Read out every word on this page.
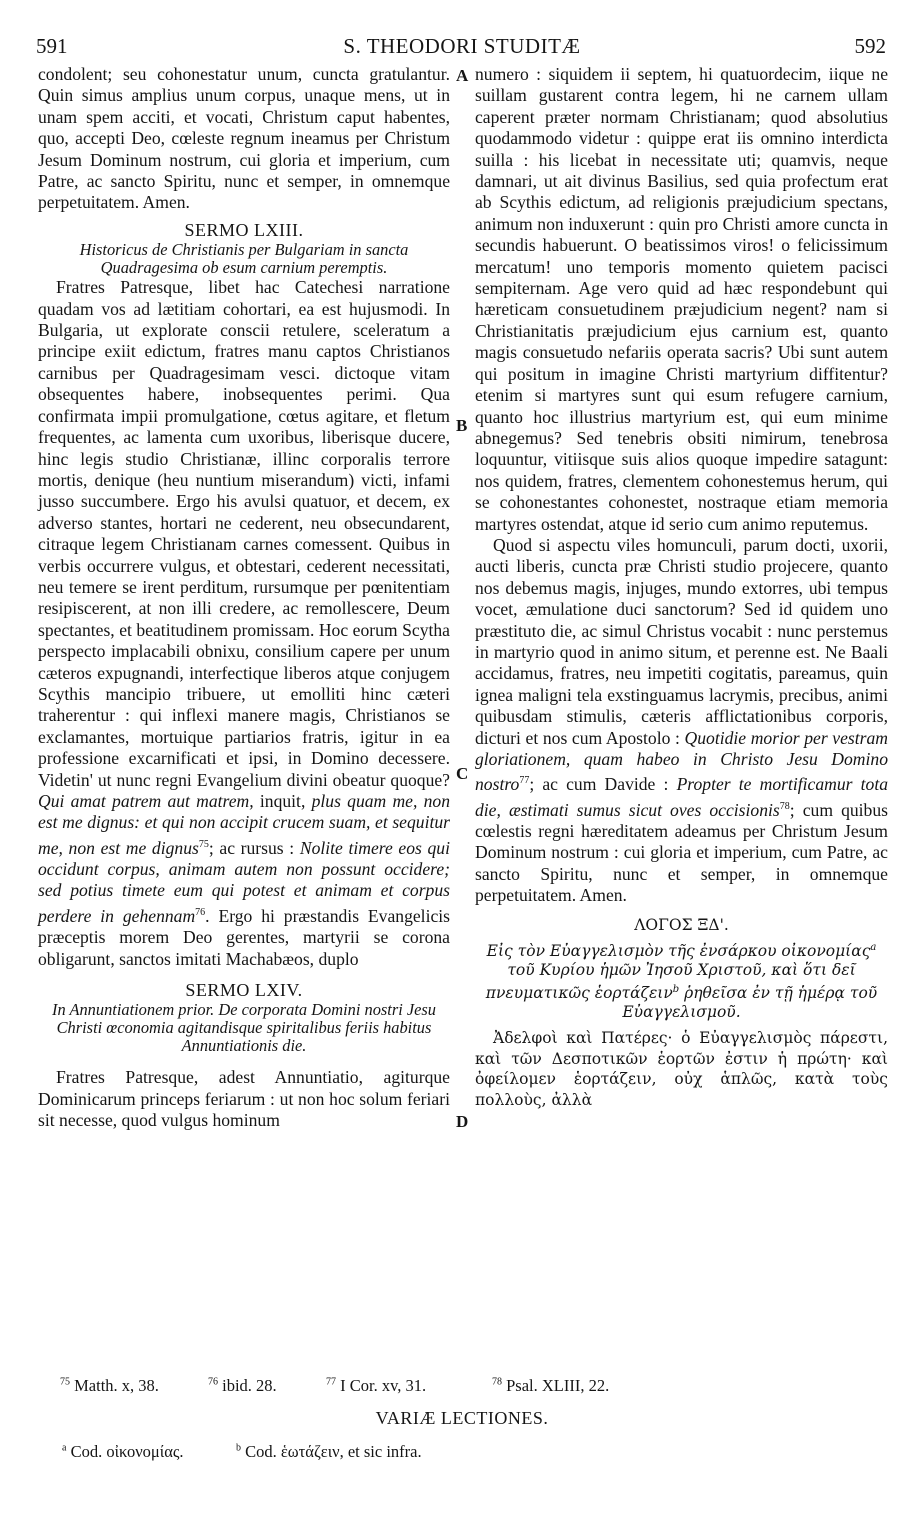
591	S. THEODORI STUDITÆ	592
A
B
C
D

condolent; seu cohonestatur unum, cuncta gratulantur. Quin simus amplius unum corpus, unaque mens, ut in unam spem acciti, et vocati, Christum caput habentes, quo, accepti Deo, cœleste regnum ineamus per Christum Jesum Dominum nostrum, cui gloria et imperium, cum Patre, ac sancto Spiritu, nunc et semper, in omnemque perpetuitatem. Amen.

SERMO LXIII.

Historicus de Christianis per Bulgariam in sancta Quadragesima ob esum carnium peremptis.

Fratres Patresque, libet hac Catechesi narratione quadam vos ad lætitiam cohortari, ea est hujusmodi. In Bulgaria, ut explorate conscii retulere, sceleratum a principe exiit edictum, fratres manu captos Christianos carnibus per Quadragesimam vesci. dictoque vitam obsequentes habere, inobsequentes perimi. Qua confirmata impii promulgatione, cœtus agitare, et fletum frequentes, ac lamenta cum uxoribus, liberisque ducere, hinc legis studio Christianæ, illinc corporalis terrore mortis, denique (heu nuntium miserandum) victi, infami jusso succumbere. Ergo his avulsi quatuor, et decem, ex adverso stantes, hortari ne cederent, neu obsecundarent, citraque legem Christianam carnes comessent. Quibus in verbis occurrere vulgus, et obtestari, cederent necessitati, neu temere se irent perditum, rursumque per pœnitentiam resipiscerent, at non illi credere, ac remollescere, Deum spectantes, et beatitudinem promissam. Hoc eorum Scytha perspecto implacabili obnixu, consilium capere per unum cæteros expugnandi, interfectique liberos atque conjugem Scythis mancipio tribuere, ut emolliti hinc cæteri traherentur : qui inflexi manere magis, Christianos se exclamantes, mortuique partiarios fratris, igitur in ea professione excarnificati et ipsi, in Domino decessere. Videtin' ut nunc regni Evangelium divini obeatur quoque? Qui amat patrem aut matrem, inquit, plus quam me, non est me dignus: et qui non accipit crucem suam, et sequitur me, non est me dignus$^{75}$; ac rursus : Nolite timere eos qui occidunt corpus, animam autem non possunt occidere; sed potius timete eum qui potest et animam et corpus perdere in gehennam$^{76}$. Ergo hi præstandis Evangelicis præceptis morem Deo gerentes, martyrii se corona obligarunt, sanctos imitati Machabæos, duplo

SERMO LXIV.

In Annuntiationem prior. De corporata Domini nostri Jesu Christi œconomia agitandisque spiritalibus feriis habitus Annuntiationis die.

Fratres Patresque, adest Annuntiatio, agiturque Dominicarum princeps feriarum : ut non hoc solum feriari sit necesse, quod vulgus hominum

numero : siquidem ii septem, hi quatuordecim, iique ne suillam gustarent contra legem, hi ne carnem ullam caperent præter normam Christianam; quod absolutius quodammodo videtur : quippe erat iis omnino interdicta suilla : his licebat in necessitate uti; quamvis, neque damnari, ut ait divinus Basilius, sed quia profectum erat ab Scythis edictum, ad religionis præjudicium spectans, animum non induxerunt : quin pro Christi amore cuncta in secundis habuerunt. O beatissimos viros! o felicissimum mercatum! uno temporis momento quietem pacisci sempiternam. Age vero quid ad hæc respondebunt qui hæreticam consuetudinem præjudicium negent? nam si Christianitatis præjudicium ejus carnium est, quanto magis consuetudo nefariis operata sacris? Ubi sunt autem qui positum in imagine Christi martyrium diffitentur? etenim si martyres sunt qui esum refugere carnium, quanto hoc illustrius martyrium est, qui eum minime abnegemus? Sed tenebris obsiti nimirum, tenebrosa loquuntur, vitiisque suis alios quoque impedire satagunt: nos quidem, fratres, clementem cohonestemus herum, qui se cohonestantes cohonestet, nostraque etiam memoria martyres ostendat, atque id serio cum animo reputemus.

Quod si aspectu viles homunculi, parum docti, uxorii, aucti liberis, cuncta præ Christi studio projecere, quanto nos debemus magis, injuges, mundo extorres, ubi tempus vocet, æmulatione duci sanctorum? Sed id quidem uno præstituto die, ac simul Christus vocabit : nunc perstemus in martyrio quod in animo situm, et perenne est. Ne Baali accidamus, fratres, neu impetiti cogitatis, pareamus, quin ignea maligni tela exstinguamus lacrymis, precibus, animi quibusdam stimulis, cæteris afflictationibus corporis, dicturi et nos cum Apostolo : Quotidie morior per vestram gloriationem, quam habeo in Christo Jesu Domino nostro$^{77}$; ac cum Davide : Propter te mortificamur tota die, æstimati sumus sicut oves occisionis$^{78}$; cum quibus cœlestis regni hæreditatem adeamus per Christum Jesum Dominum nostrum : cui gloria et imperium, cum Patre, ac sancto Spiritu, nunc et semper, in omnemque perpetuitatem. Amen.

ΛΟΓΟΣ ΞΔ'.

Εἰς τὸν Εὐαγγελισμὸν τῆς ἐνσάρκου οἰκονομίας$^a$ τοῦ Κυρίου ἡμῶν Ἰησοῦ Χριστοῦ, καὶ ὅτι δεῖ πνευματικῶς ἑορτάζειν$^b$ ῥηθεῖσα ἐν τῇ ἡμέρᾳ τοῦ Εὐαγγελισμοῦ.

Ἀδελφοὶ καὶ Πατέρες· ὁ Εὐαγγελισμὸς πάρεστι, καὶ τῶν Δεσποτικῶν ἑορτῶν ἐστιν ἡ πρώτη· καὶ ὀφείλομεν ἑορτάζειν, οὐχ ἁπλῶς, κατὰ τοὺς πολλοὺς, ἀλλὰ

$^{75}$ Matth. x, 38.	$^{76}$ ibid. 28.	$^{77}$ I Cor. xv, 31.	$^{78}$ Psal. XLIII, 22.
VARIÆ LECTIONES.
$^a$ Cod. οἰκονομίας.	$^b$ Cod. ἑωτάζειν, et sic infra.
